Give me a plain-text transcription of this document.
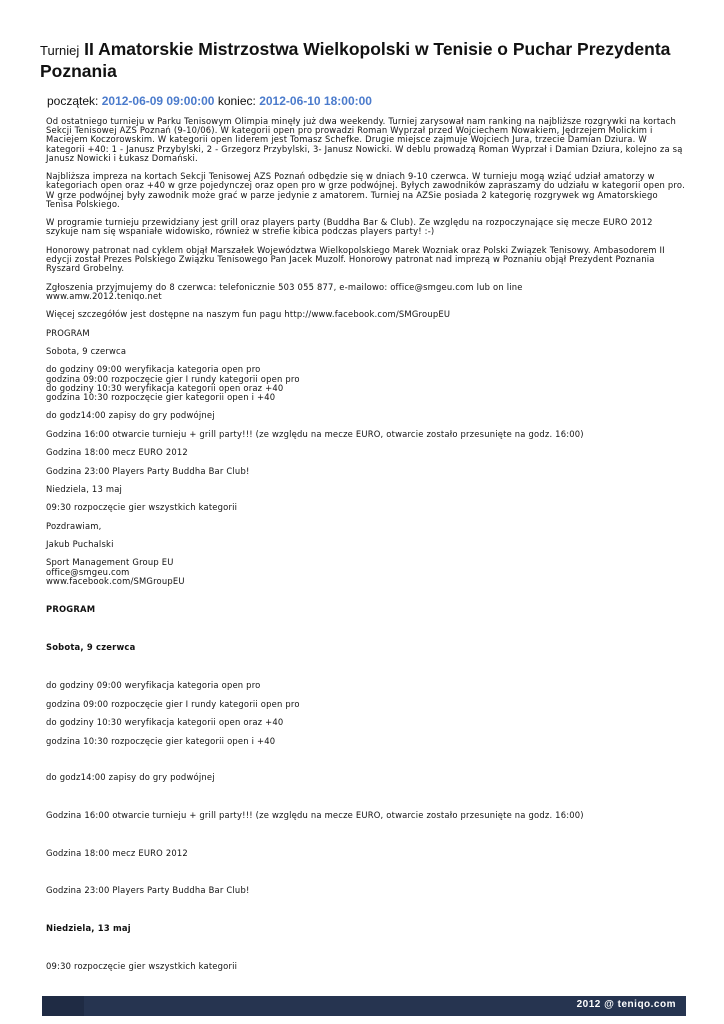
Turniej II Amatorskie Mistrzostwa Wielkopolski w Tenisie o Puchar Prezydenta Poznania
początek: 2012-06-09 09:00:00 koniec: 2012-06-10 18:00:00

Od ostatniego turnieju w Parku Tenisowym Olimpia minęły już dwa weekendy. Turniej zarysował nam ranking na najbliższe rozgrywki na kortach Sekcji Tenisowej AZS Poznań (9-10/06). W kategorii open pro prowadzi Roman Wyprzał przed Wojciechem Nowakiem, Jędrzejem Molickim i Maciejem Koczorowskim. W kategorii open liderem jest Tomasz Schefke. Drugie miejsce zajmuje Wojciech Jura, trzecie Damian Dziura. W kategorii +40: 1 - Janusz Przybylski, 2 - Grzegorz Przybylski, 3- Janusz Nowicki. W deblu prowadzą Roman Wyprzał i Damian Dziura, kolejno za są Janusz Nowicki i Łukasz Domański.

Najbliższa impreza na kortach Sekcji Tenisowej AZS Poznań odbędzie się w dniach 9-10 czerwca. W turnieju mogą wziąć udział amatorzy w kategoriach open oraz +40 w grze pojedynczej oraz open pro w grze podwójnej. Byłych zawodników zapraszamy do udziału w kategorii open pro. W grze podwójnej były zawodnik może grać w parze jedynie z amatorem. Turniej na AZSie posiada 2 kategorię rozgrywek wg Amatorskiego Tenisa Polskiego.

W programie turnieju przewidziany jest grill oraz players party (Buddha Bar & Club). Ze względu na rozpoczynające się mecze EURO 2012 szykuje nam się wspaniałe widowisko, również w strefie kibica podczas players party! :-)

Honorowy patronat nad cyklem objął Marszałek Województwa Wielkopolskiego Marek Wozniak oraz Polski Związek Tenisowy. Ambasodorem II edycji został Prezes Polskiego Związku Tenisowego Pan Jacek Muzolf. Honorowy patronat nad imprezą w Poznaniu objął Prezydent Poznania Ryszard Grobelny.

Zgłoszenia przyjmujemy do 8 czerwca: telefonicznie 503 055 877, e-mailowo: office@smgeu.com lub on line
www.amw.2012.teniqo.net

Więcej szczegółów jest dostępne na naszym fun pagu http://www.facebook.com/SMGroupEU

PROGRAM

Sobota, 9 czerwca

do godziny 09:00 weryfikacja kategoria open pro
godzina 09:00 rozpoczęcie gier I rundy kategorii open pro
do godziny 10:30 weryfikacja kategorii open oraz +40
godzina 10:30 rozpoczęcie gier kategorii open i +40

do godz14:00 zapisy do gry podwójnej

Godzina 16:00 otwarcie turnieju + grill party!!! (ze względu na mecze EURO, otwarcie zostało przesunięte na godz. 16:00)

Godzina 18:00 mecz EURO 2012

Godzina 23:00 Players Party Buddha Bar Club!

Niedziela, 13 maj

09:30 rozpoczęcie gier wszystkich kategorii

Pozdrawiam,

Jakub Puchalski

Sport Management Group EU
office@smgeu.com
www.facebook.com/SMGroupEU

PROGRAM
Sobota, 9 czerwca
do godziny 09:00 weryfikacja kategoria open pro
godzina 09:00 rozpoczęcie gier I rundy kategorii open pro
do godziny 10:30 weryfikacja kategorii open oraz +40
godzina 10:30 rozpoczęcie gier kategorii open i +40
do godz14:00 zapisy do gry podwójnej
Godzina 16:00 otwarcie turnieju + grill party!!! (ze względu na mecze EURO, otwarcie zostało przesunięte na godz. 16:00)
Godzina 18:00 mecz EURO 2012
Godzina 23:00 Players Party Buddha Bar Club!
Niedziela, 13 maj
09:30 rozpoczęcie gier wszystkich kategorii
2012 @ teniqo.com
